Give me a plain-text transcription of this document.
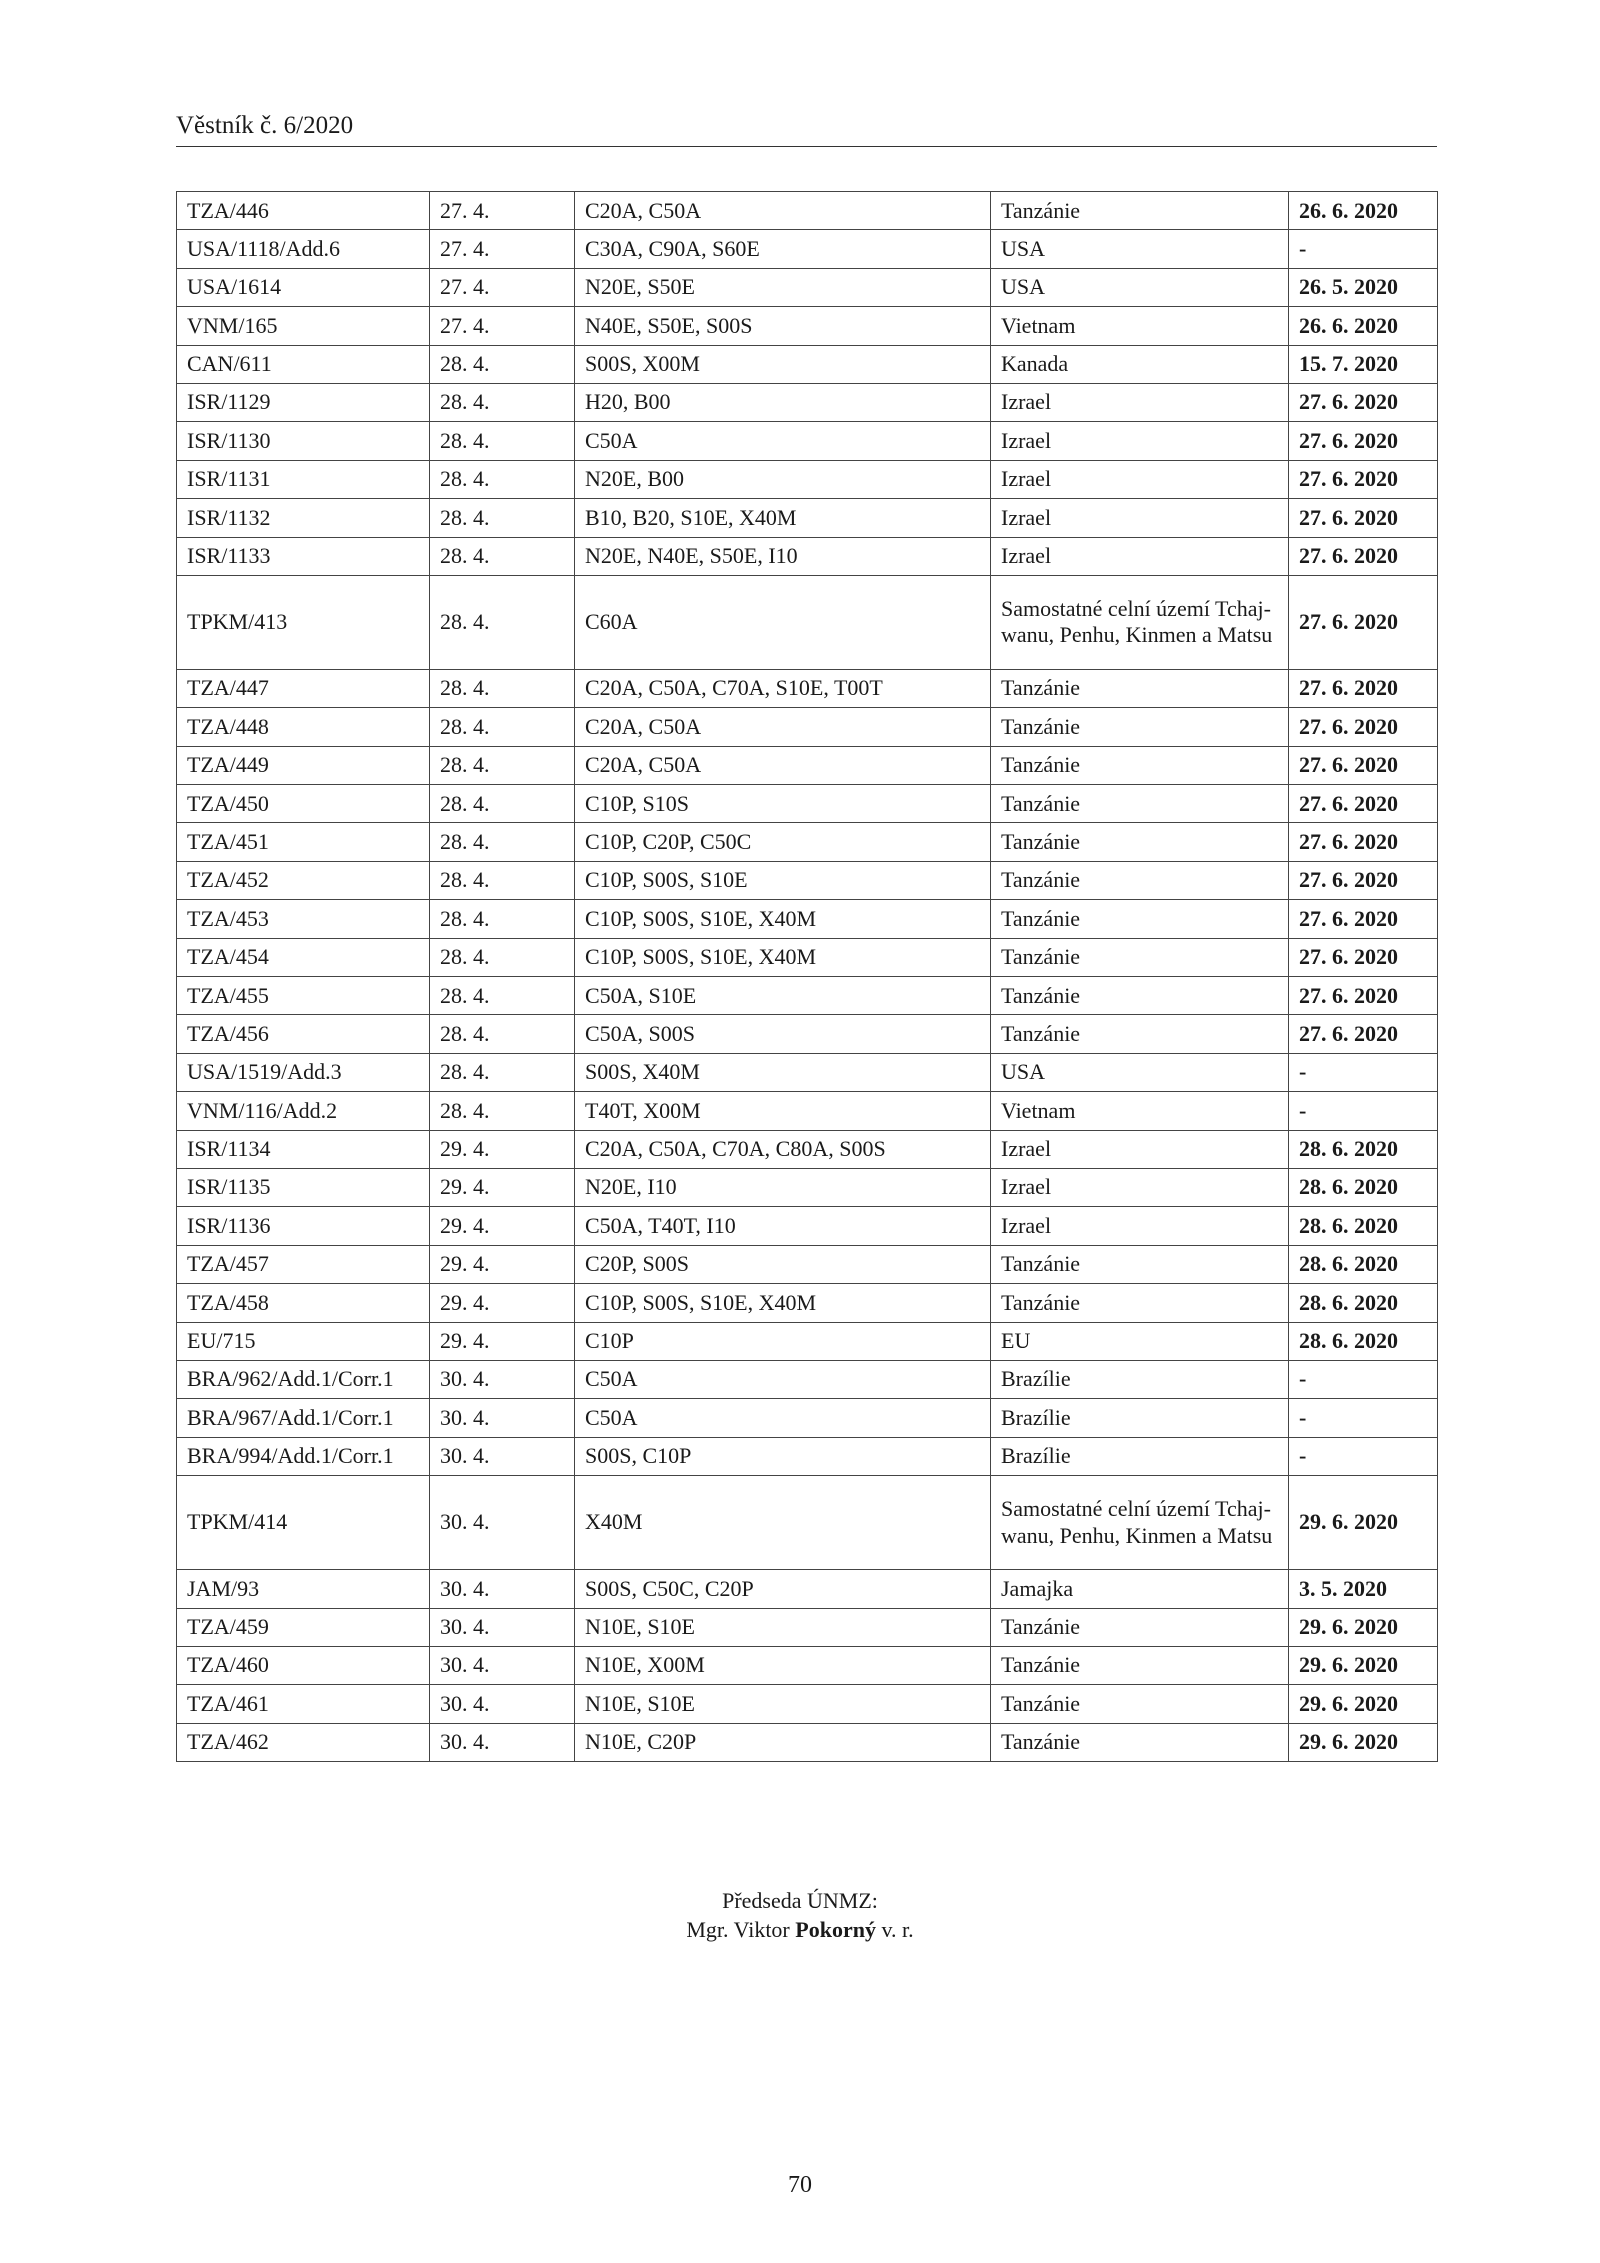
Věstník č. 6/2020
TZA/446	27. 4.	C20A, C50A	Tanzánie	26. 6. 2020
USA/1118/Add.6	27. 4.	C30A, C90A, S60E	USA	-
USA/1614	27. 4.	N20E, S50E	USA	26. 5. 2020
VNM/165	27. 4.	N40E, S50E, S00S	Vietnam	26. 6. 2020
CAN/611	28. 4.	S00S, X00M	Kanada	15. 7. 2020
ISR/1129	28. 4.	H20, B00	Izrael	27. 6. 2020
ISR/1130	28. 4.	C50A	Izrael	27. 6. 2020
ISR/1131	28. 4.	N20E, B00	Izrael	27. 6. 2020
ISR/1132	28. 4.	B10, B20, S10E, X40M	Izrael	27. 6. 2020
ISR/1133	28. 4.	N20E, N40E, S50E, I10	Izrael	27. 6. 2020
TPKM/413	28. 4.	C60A	Samostatné celní území Tchaj-wanu, Penhu, Kinmen a Matsu	27. 6. 2020
TZA/447	28. 4.	C20A, C50A, C70A, S10E, T00T	Tanzánie	27. 6. 2020
TZA/448	28. 4.	C20A, C50A	Tanzánie	27. 6. 2020
TZA/449	28. 4.	C20A, C50A	Tanzánie	27. 6. 2020
TZA/450	28. 4.	C10P, S10S	Tanzánie	27. 6. 2020
TZA/451	28. 4.	C10P, C20P, C50C	Tanzánie	27. 6. 2020
TZA/452	28. 4.	C10P, S00S, S10E	Tanzánie	27. 6. 2020
TZA/453	28. 4.	C10P, S00S, S10E, X40M	Tanzánie	27. 6. 2020
TZA/454	28. 4.	C10P, S00S, S10E, X40M	Tanzánie	27. 6. 2020
TZA/455	28. 4.	C50A, S10E	Tanzánie	27. 6. 2020
TZA/456	28. 4.	C50A, S00S	Tanzánie	27. 6. 2020
USA/1519/Add.3	28. 4.	S00S, X40M	USA	-
VNM/116/Add.2	28. 4.	T40T, X00M	Vietnam	-
ISR/1134	29. 4.	C20A, C50A, C70A, C80A, S00S	Izrael	28. 6. 2020
ISR/1135	29. 4.	N20E, I10	Izrael	28. 6. 2020
ISR/1136	29. 4.	C50A, T40T, I10	Izrael	28. 6. 2020
TZA/457	29. 4.	C20P, S00S	Tanzánie	28. 6. 2020
TZA/458	29. 4.	C10P, S00S, S10E, X40M	Tanzánie	28. 6. 2020
EU/715	29. 4.	C10P	EU	28. 6. 2020
BRA/962/Add.1/Corr.1	30. 4.	C50A	Brazílie	-
BRA/967/Add.1/Corr.1	30. 4.	C50A	Brazílie	-
BRA/994/Add.1/Corr.1	30. 4.	S00S, C10P	Brazílie	-
TPKM/414	30. 4.	X40M	Samostatné celní území Tchaj-wanu, Penhu, Kinmen a Matsu	29. 6. 2020
JAM/93	30. 4.	S00S, C50C, C20P	Jamajka	3. 5. 2020
TZA/459	30. 4.	N10E, S10E	Tanzánie	29. 6. 2020
TZA/460	30. 4.	N10E, X00M	Tanzánie	29. 6. 2020
TZA/461	30. 4.	N10E, S10E	Tanzánie	29. 6. 2020
TZA/462	30. 4.	N10E, C20P	Tanzánie	29. 6. 2020
Předseda ÚNMZ:
Mgr. Viktor Pokorný v. r.
70
